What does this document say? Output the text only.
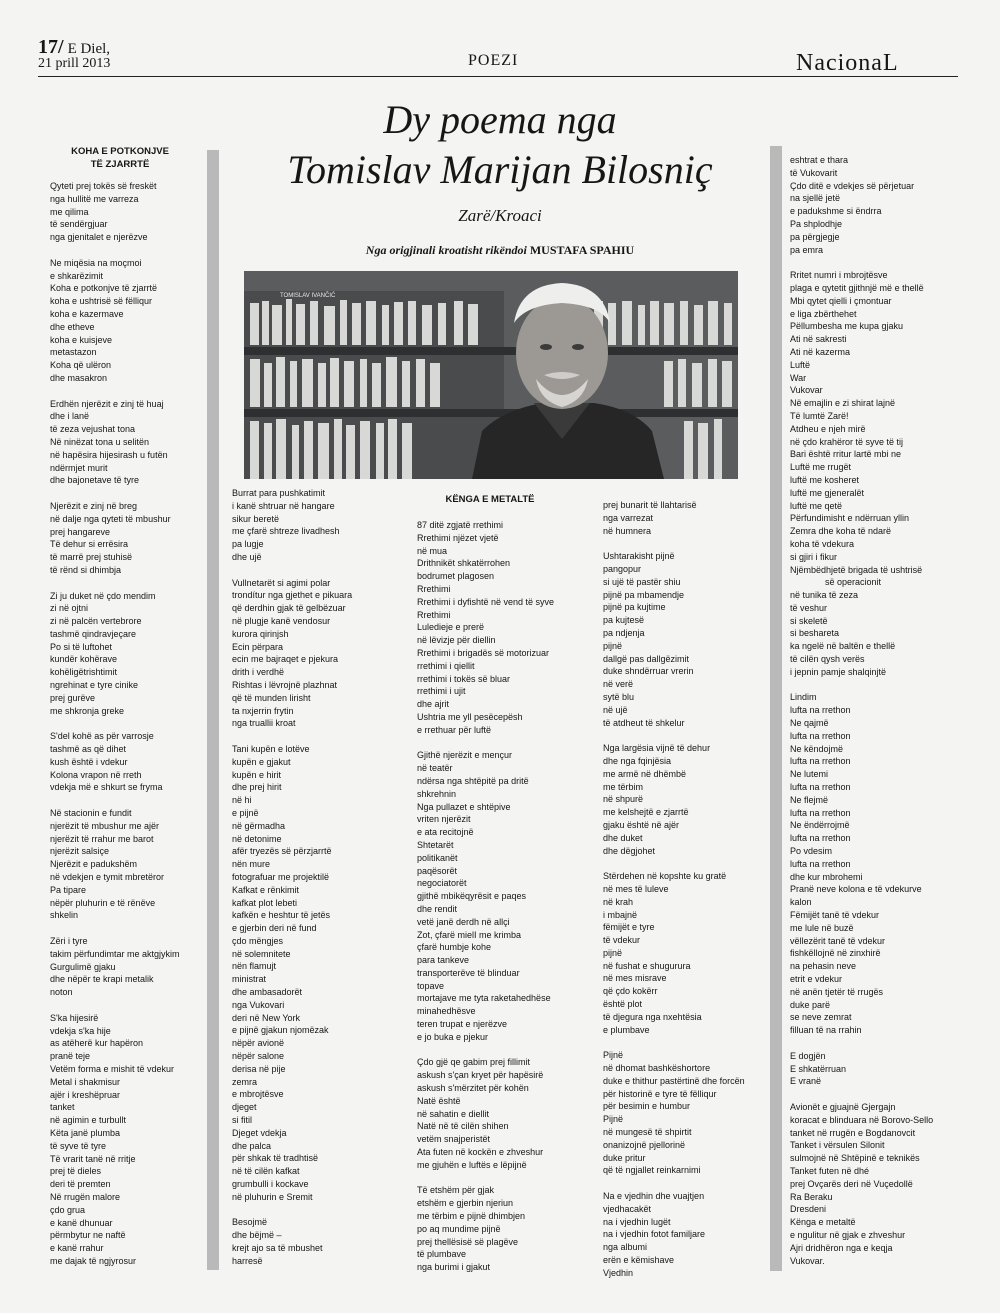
17/ E Diel,
21 prill 2013	POEZI	NacionaL
Dy poema nga
Tomislav Marijan Bilosniç
Zarë/Kroaci
Nga origjinali kroatisht rikëndoi MUSTAFA SPAHIU
TOMISLAV IVANČIĆ
KOHA E POTKONJVE
TË ZJARRTË
Qyteti prej tokës së freskët
nga hullitë me varreza
me qilima
të sendërgjuar
nga gjenitalet e njerëzve

Ne miqësia na moçmoi
e shkarëzimit
Koha e potkonjve të zjarrtë
koha e ushtrisë së fëlliqur
koha e kazermave
dhe etheve
koha e kuisjeve
metastazon
Koha që ulëron
dhe masakron

Erdhën njerëzit e zinj të huaj
dhe i lanë
të zeza vejushat tona
Në ninëzat tona u selitën
në hapësira hijesirash u futën
ndërmjet murit
dhe bajonetave të tyre

Njerëzit e zinj në breg
në dalje nga qyteti të mbushur
prej hangareve
Të dehur si errësira
të marrë prej stuhisë
të rënd si dhimbja

Zi ju duket në çdo mendim
zi në ojtni
zi në palcën vertebrore
tashmë qindravjeçare
Po si të luftohet
kundër kohërave
kohëligëtrishtimit
ngrehinat e tyre cinike
prej gurëve
me shkronja greke

S'del kohë as për varrosje
tashmë as që dihet
kush është i vdekur
Kolona vrapon në rreth
vdekja më e shkurt se fryma

Në stacionin e fundit
njerëzit të mbushur me ajër
njerëzit të rrahur me barot
njerëzit salsiçe
Njerëzit e padukshëm
në vdekjen e tymit mbretëror
Pa tipare
nëpër pluhurin e të rënëve
shkelin

Zëri i tyre
takim përfundimtar me aktgjykim
Gurgulimë gjaku
dhe nëpër te krapi metalik
noton

S'ka hijesirë
vdekja s'ka hije
as atëherë kur hapëron
pranë teje
Vetëm forma e mishit të vdekur
Metal i shakmisur
ajër i kreshëpruar
tanket
në agimin e turbullt
Këta janë plumba
të syve të tyre
Të vrarit tanë në rritje
prej të dieles
deri të premten
Në rrugën malore
çdo grua
e kanë dhunuar
përmbytur ne naftë
e kanë rrahur
me dajak të ngjyrosur
Burrat para pushkatimit
i kanë shtruar në hangare
sikur beretë
me çfarë shtreze livadhesh
pa lugje
dhe ujë

Vullnetarët si agimi polar
trondítur nga gjethet e pikuara
që derdhin gjak të gelbëzuar
në plugje kanë vendosur
kurora qirinjsh
Ecin përpara
ecin me bajraqet e pjekura
drith i verdhë
Rishtas i lëvrojnë plazhnat
që të munden lirisht
ta nxjerrin frytin
nga truallii kroat

Tani kupën e lotëve
kupën e gjakut
kupën e hirit
dhe prej hirit
në hi
e pijnë
në gërmadha
në detonime
afër tryezës së përzjarrtë
nën mure
fotografuar me projektilë
Kafkat e rënkimit
kafkat plot lebeti
kafkën e heshtur të jetës
e gjerbin deri në fund
çdo mëngjes
në solemnitete
nën flamujt
ministrat
dhe ambasadorët
nga Vukovari
deri në New York
e pijnë gjakun njomëzak
nëpër avionë
nëpër salone
derisa në pije
zemra
e mbrojtësve
djeget
si fitil
Djeget vdekja
dhe palca
për shkak të tradhtisë
në të cilën kafkat
grumbulli i kockave
në pluhurin e Sremit

Besojmë
dhe bëjmë –
krejt ajo sa të mbushet
harresë
KËNGA E METALTË
87 ditë zgjatë rrethimi
Rrethimi njëzet vjetë
në mua
Drithnikët shkatërrohen
bodrumet plagosen
Rrethimi
Rrethimi i dyfishtë në vend të syve
Rrethimi
Luledieje e prerë
në lëvizje për diellin
Rrethimi i brigadës së motorizuar
rrethimi i qiellit
rrethimi i tokës së bluar
rrethimi i ujit
dhe ajrit
Ushtria me yll pesëcepësh
e rrethuar për luftë

Gjithë njerëzit e mençur
në teatër
ndërsa nga shtëpitë pa dritë
shkrehnin
Nga pullazet e shtëpive
vriten njerëzit
e ata recitojnë
Shtetarët
politikanët
paqësorët
negociatorët
gjithë mbikëqyrësit e paqes
dhe rendit
vetë janë derdh në allçi
Zot, çfarë mielI me krimba
çfarë humbje kohe
para tankeve
transporterëve të blinduar
topave
mortajave me tyta raketahedhëse
minahedhësve
teren trupat e njerëzve
e jo buka e pjekur

Çdo gjë qe gabim prej fillimit
askush s'çan kryet për hapësirë
askush s'mërzitet për kohën
Natë është
në sahatin e diellit
Natë në të cilën shihen
vetëm snajperistët
Ata futen në kockën e zhveshur
me gjuhën e luftës e lëpijnë

Të etshëm për gjak
etshëm e gjerbin njeriun
me tërbim e pijnë dhimbjen
po aq mundime pijnë
prej thellësisë së plagëve
të plumbave
nga burimi i gjakut
prej bunarit të llahtarisë
nga varrezat
në humnera

Ushtarakisht pijnë
pangopur
si ujë të pastër shiu
pijnë pa mbamendje
pijnë pa kujtime
pa kujtesë
pa ndjenja
pijnë
dallgë pas dallgëzimit
duke shndërruar vrerin
në verë
sytë blu
në ujë
të atdheut të shkelur

Nga largësia vijnë të dehur
dhe nga fqinjësia
me armë në dhëmbë
me tërbim
në shpurë
me kelshejtë e zjarrtë
gjaku është në ajër
dhe duket
dhe dëgjohet

Stërdehen në kopshte ku gratë
në mes të luleve
në krah
i mbajnë
fëmijët e tyre
të vdekur
pijnë
në fushat e shugurura
në mes misrave
që çdo kokërr
është plot
të djegura nga nxehtësia
e plumbave

Pijnë
në dhomat bashkëshortore
duke e thithur pastërtinë dhe forcën
për historinë e tyre të fëlliqur
për besimin e humbur
Pijnë
në mungesë të shpirtit
onanizojnë pjellorinë
duke pritur
që të ngjallet reinkarnimi

Na e vjedhin dhe vuajtjen
vjedhacakët
na i vjedhin lugët
na i vjedhin fotot familjare
nga albumi
erën e këmishave
Vjedhin
eshtrat e thara
të Vukovarit
Çdo ditë e vdekjes së përjetuar
na sjellë jetë
e padukshme si ëndrra
Pa shplodhje
pa përgjegje
pa emra

Rritet numri i mbrojtësve
plaga e qytetit gjithnjë më e thellë
Mbi qytet qielli i çmontuar
e liga zbërthehet
Pëllumbesha me kupa gjaku
Ati në sakresti
Ati në kazerma
Luftë
War
Vukovar
Në emajlin e zi shirat lajnë
Të lumtë Zarë!
Atdheu e njeh mirë
në çdo krahëror të syve të tij
Bari është rritur lartë mbi ne
Luftë me rrugët
luftë me kosheret
luftë me gjeneralët
luftë me qetë
Përfundimisht e ndërruan yllin
Zemra dhe koha të ndarë
koha të vdekura
si gjiri i fikur
Njëmbëdhjetë brigada të ushtrisë
së operacionit
në tunika të zeza
të veshur
si skeletë
si beshareta
ka ngelë në baltën e thellë
të cilën qysh verës
i jepnin pamje shalqinjtë

Lindim
lufta na rrethon
Ne qajmë
lufta na rrethon
Ne këndojmë
lufta na rrethon
Ne lutemi
lufta na rrethon
Ne flejmë
lufta na rrethon
Ne ëndërrojmë
lufta na rrethon
Po vdesim
lufta na rrethon
dhe kur mbrohemi
Pranë neve kolona e të vdekurve
kalon
Fëmijët tanë të vdekur
me lule në buzë
vëllezërit tanë të vdekur
fishkëllojnë në zinxhirë
na pehasin neve
etrit e vdekur
në anën tjetër të rrugës
duke parë
se neve zemrat
filluan të na rrahin

E dogjën
E shkatërruan
E vranë

Avionët e gjuajnë Gjergajn
koracat e blinduara në Borovo-Sello
tanket në rrugën e Bogdanovcit
Tanket i vërsulen Silonit
sulmojnë në Shtëpinë e teknikës
Tanket futen në dhé
prej Ovçarës deri në Vuçedollë
Ra Beraku
Dresdeni
Kënga e metaltë
e ngulitur në gjak e zhveshur
Ajri dridhëron nga e keqja
Vukovar.
